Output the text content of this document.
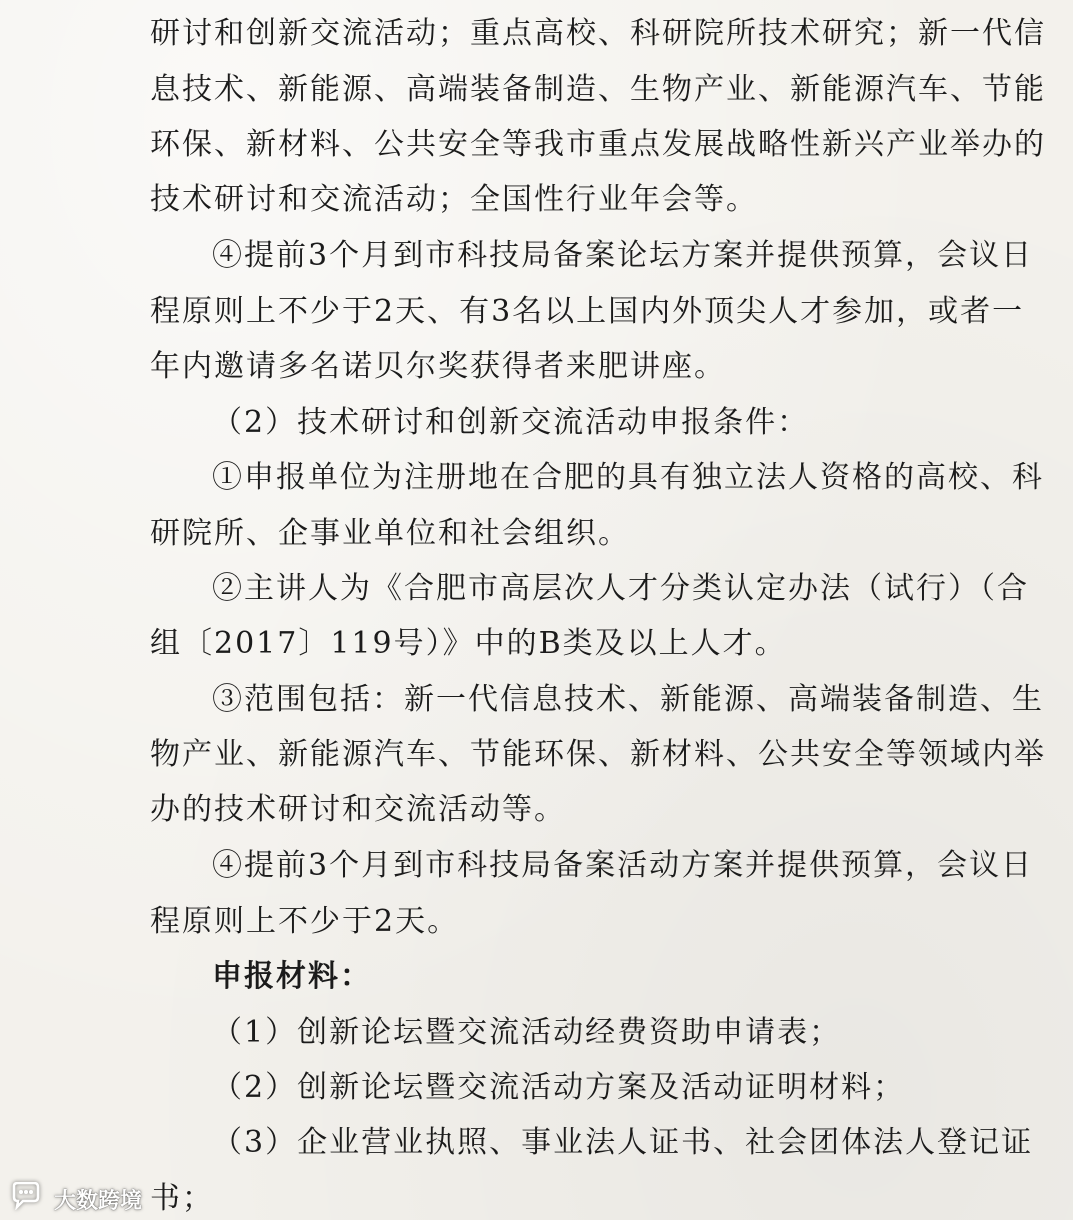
研讨和创新交流活动；重点高校、科研院所技术研究；新一代信
息技术、新能源、高端装备制造、生物产业、新能源汽车、节能
环保、新材料、公共安全等我市重点发展战略性新兴产业举办的
技术研讨和交流活动；全国性行业年会等。
④提前3个月到市科技局备案论坛方案并提供预算，会议日
程原则上不少于2天、有3名以上国内外顶尖人才参加，或者一
年内邀请多名诺贝尔奖获得者来肥讲座。
（2）技术研讨和创新交流活动申报条件：
①申报单位为注册地在合肥的具有独立法人资格的高校、科
研院所、企事业单位和社会组织。
②主讲人为《合肥市高层次人才分类认定办法（试行）（合
组〔2017〕119号）》中的B类及以上人才。
③范围包括：新一代信息技术、新能源、高端装备制造、生
物产业、新能源汽车、节能环保、新材料、公共安全等领域内举
办的技术研讨和交流活动等。
④提前3个月到市科技局备案活动方案并提供预算，会议日
程原则上不少于2天。
申报材料：
（1）创新论坛暨交流活动经费资助申请表；
（2）创新论坛暨交流活动方案及活动证明材料；
（3）企业营业执照、事业法人证书、社会团体法人登记证
书；
大数跨境
